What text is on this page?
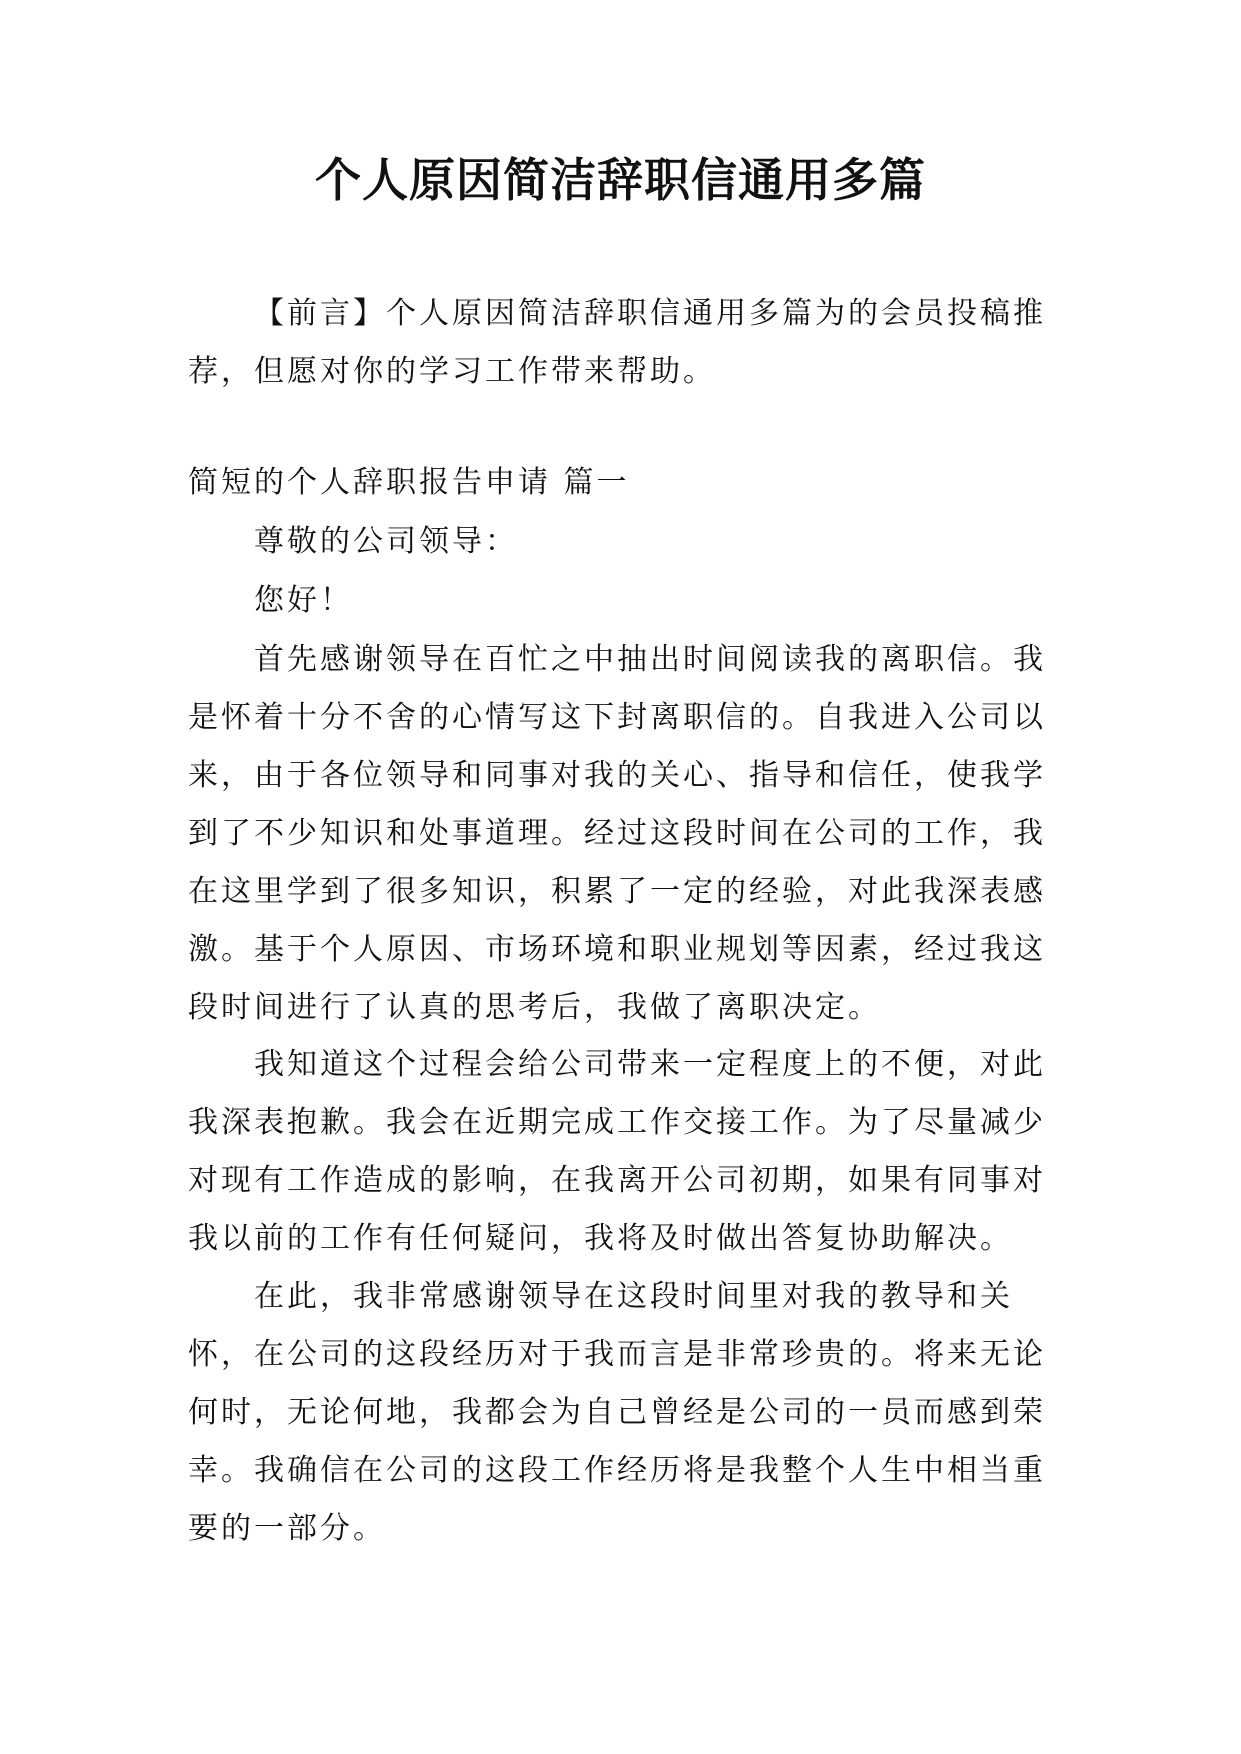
个人原因简洁辞职信通用多篇

【前言】个人原因简洁辞职信通用多篇为的会员投稿推荐，但愿对你的学习工作带来帮助。

简短的个人辞职报告申请 篇一

尊敬的公司领导：

您好！

首先感谢领导在百忙之中抽出时间阅读我的离职信。我是怀着十分不舍的心情写这下封离职信的。自我进入公司以来，由于各位领导和同事对我的关心、指导和信任，使我学到了不少知识和处事道理。经过这段时间在公司的工作，我在这里学到了很多知识，积累了一定的经验，对此我深表感激。基于个人原因、市场环境和职业规划等因素，经过我这段时间进行了认真的思考后，我做了离职决定。

我知道这个过程会给公司带来一定程度上的不便，对此我深表抱歉。我会在近期完成工作交接工作。为了尽量减少对现有工作造成的影响，在我离开公司初期，如果有同事对我以前的工作有任何疑问，我将及时做出答复协助解决。

在此，我非常感谢领导在这段时间里对我的教导和关怀，在公司的这段经历对于我而言是非常珍贵的。将来无论何时，无论何地，我都会为自己曾经是公司的一员而感到荣幸。我确信在公司的这段工作经历将是我整个人生中相当重要的一部分。
